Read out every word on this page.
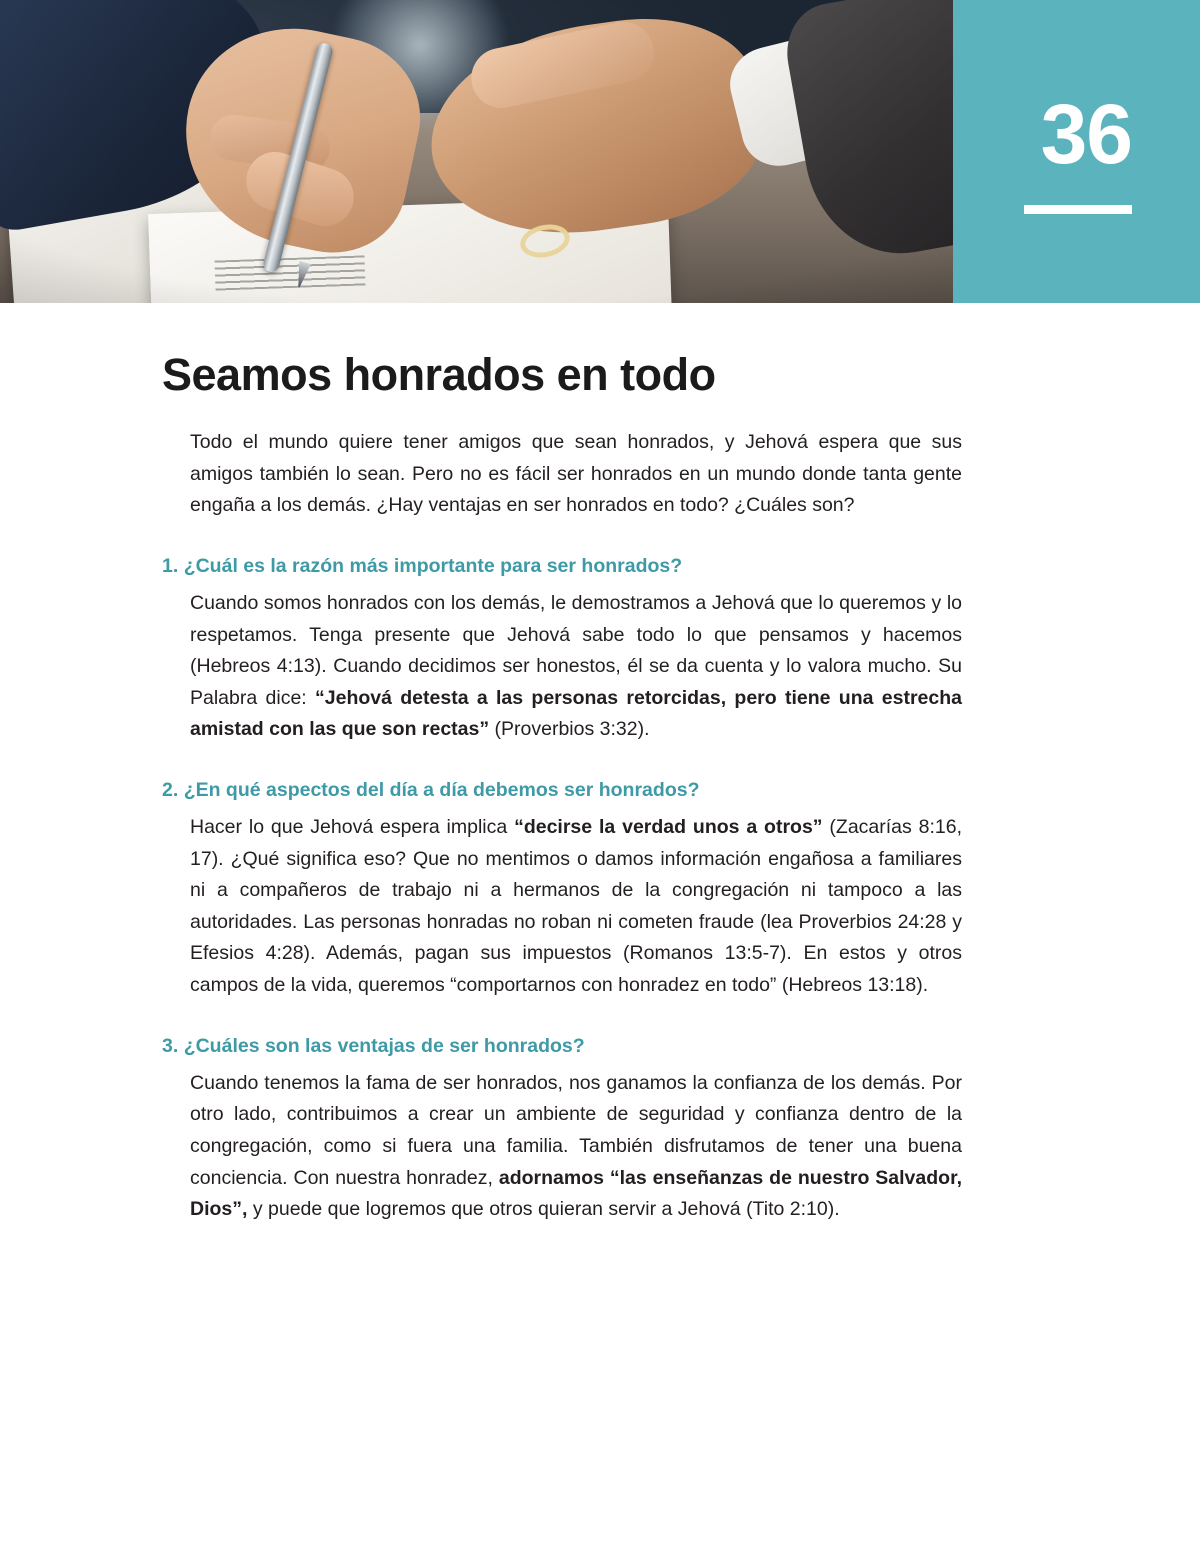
36
Seamos honrados en todo

Todo el mundo quiere tener amigos que sean honrados, y Jehová espera que sus amigos también lo sean. Pero no es fácil ser honrados en un mundo donde tanta gente engaña a los demás. ¿Hay ventajas en ser honrados en todo? ¿Cuáles son?

1. ¿Cuál es la razón más importante para ser honrados?

Cuando somos honrados con los demás, le demostramos a Jehová que lo queremos y lo respetamos. Tenga presente que Jehová sabe todo lo que pensamos y hacemos (Hebreos 4:13). Cuando decidimos ser honestos, él se da cuenta y lo valora mucho. Su Palabra dice: “Jehová detesta a las personas retorcidas, pero tiene una estrecha amistad con las que son rectas” (Proverbios 3:32).

2. ¿En qué aspectos del día a día debemos ser honrados?

Hacer lo que Jehová espera implica “decirse la verdad unos a otros” (Zacarías 8:16, 17). ¿Qué significa eso? Que no mentimos o damos información engañosa a familiares ni a compañeros de trabajo ni a hermanos de la congregación ni tampoco a las autoridades. Las personas honradas no roban ni cometen fraude (lea Proverbios 24:28 y Efesios 4:28). Además, pagan sus impuestos (Romanos 13:5-7). En estos y otros campos de la vida, queremos “comportarnos con honradez en todo” (Hebreos 13:18).

3. ¿Cuáles son las ventajas de ser honrados?

Cuando tenemos la fama de ser honrados, nos ganamos la confianza de los demás. Por otro lado, contribuimos a crear un ambiente de seguridad y confianza dentro de la congregación, como si fuera una familia. También disfrutamos de tener una buena conciencia. Con nuestra honradez, adornamos “las enseñanzas de nuestro Salvador, Dios”, y puede que logremos que otros quieran servir a Jehová (Tito 2:10).
